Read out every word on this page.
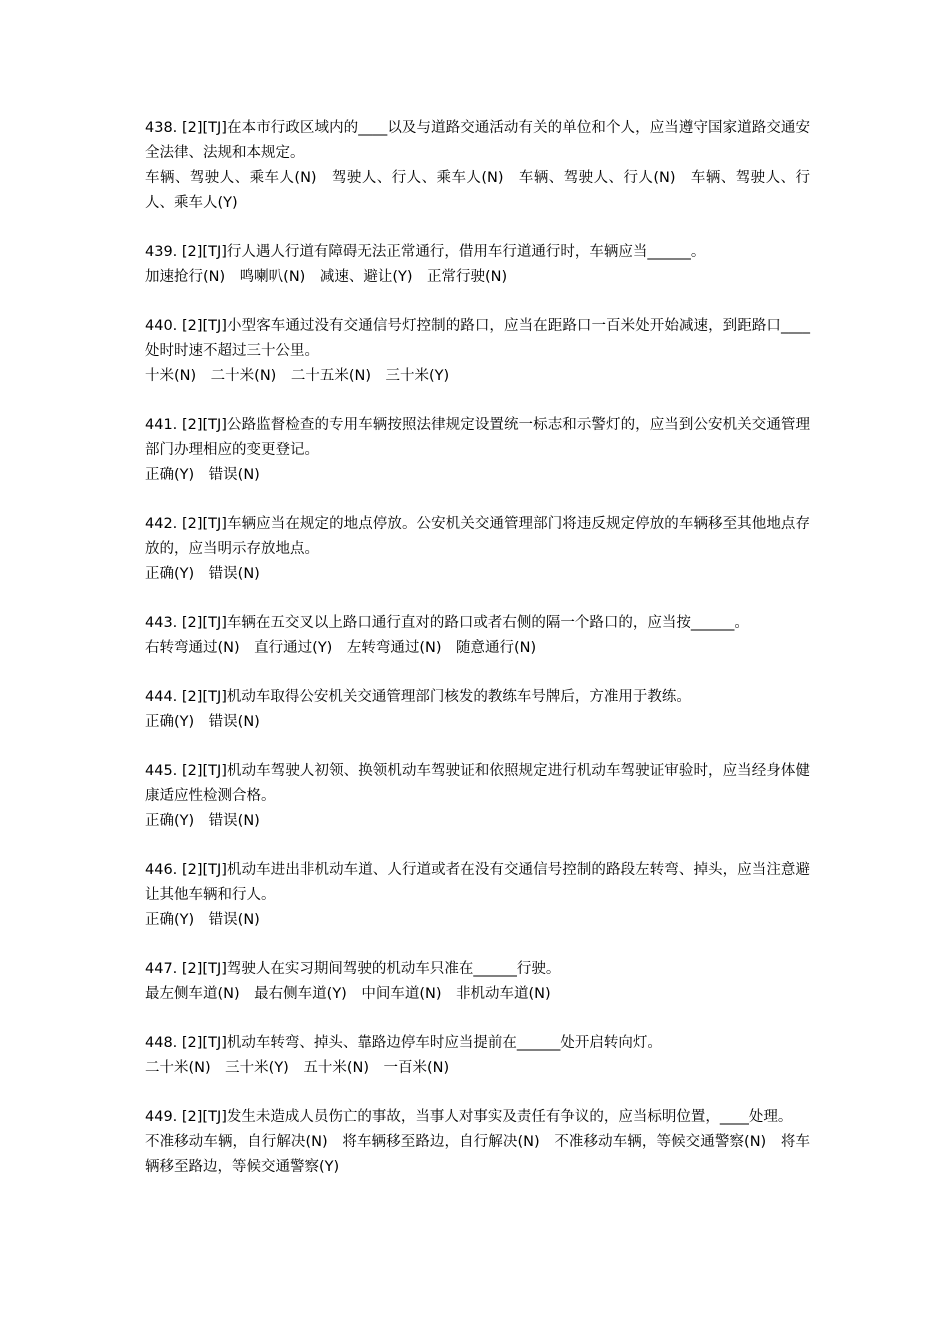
438. [2][TJ]在本市行政区域内的____以及与道路交通活动有关的单位和个人，应当遵守国家道路交通安全法律、法规和本规定。
车辆、驾驶人、乘车人(N)　驾驶人、行人、乘车人(N)　车辆、驾驶人、行人(N)　车辆、驾驶人、行人、乘车人(Y)
439. [2][TJ]行人遇人行道有障碍无法正常通行，借用车行道通行时，车辆应当______。
加速抢行(N)　鸣喇叭(N)　减速、避让(Y)　正常行驶(N)
440. [2][TJ]小型客车通过没有交通信号灯控制的路口，应当在距路口一百米处开始减速，到距路口____处时时速不超过三十公里。
十米(N)　二十米(N)　二十五米(N)　三十米(Y)
441. [2][TJ]公路监督检查的专用车辆按照法律规定设置统一标志和示警灯的，应当到公安机关交通管理部门办理相应的变更登记。
正确(Y)　错误(N)
442. [2][TJ]车辆应当在规定的地点停放。公安机关交通管理部门将违反规定停放的车辆移至其他地点存放的，应当明示存放地点。
正确(Y)　错误(N)
443. [2][TJ]车辆在五交叉以上路口通行直对的路口或者右侧的隔一个路口的，应当按______。
右转弯通过(N)　直行通过(Y)　左转弯通过(N)　随意通行(N)
444. [2][TJ]机动车取得公安机关交通管理部门核发的教练车号牌后，方准用于教练。
正确(Y)　错误(N)
445. [2][TJ]机动车驾驶人初领、换领机动车驾驶证和依照规定进行机动车驾驶证审验时，应当经身体健康适应性检测合格。
正确(Y)　错误(N)
446. [2][TJ]机动车进出非机动车道、人行道或者在没有交通信号控制的路段左转弯、掉头，应当注意避让其他车辆和行人。
正确(Y)　错误(N)
447. [2][TJ]驾驶人在实习期间驾驶的机动车只准在______行驶。
最左侧车道(N)　最右侧车道(Y)　中间车道(N)　非机动车道(N)
448. [2][TJ]机动车转弯、掉头、靠路边停车时应当提前在______处开启转向灯。
二十米(N)　三十米(Y)　五十米(N)　一百米(N)
449. [2][TJ]发生未造成人员伤亡的事故，当事人对事实及责任有争议的，应当标明位置，____处理。
不准移动车辆，自行解决(N)　将车辆移至路边，自行解决(N)　不准移动车辆，等候交通警察(N)　将车辆移至路边，等候交通警察(Y)
